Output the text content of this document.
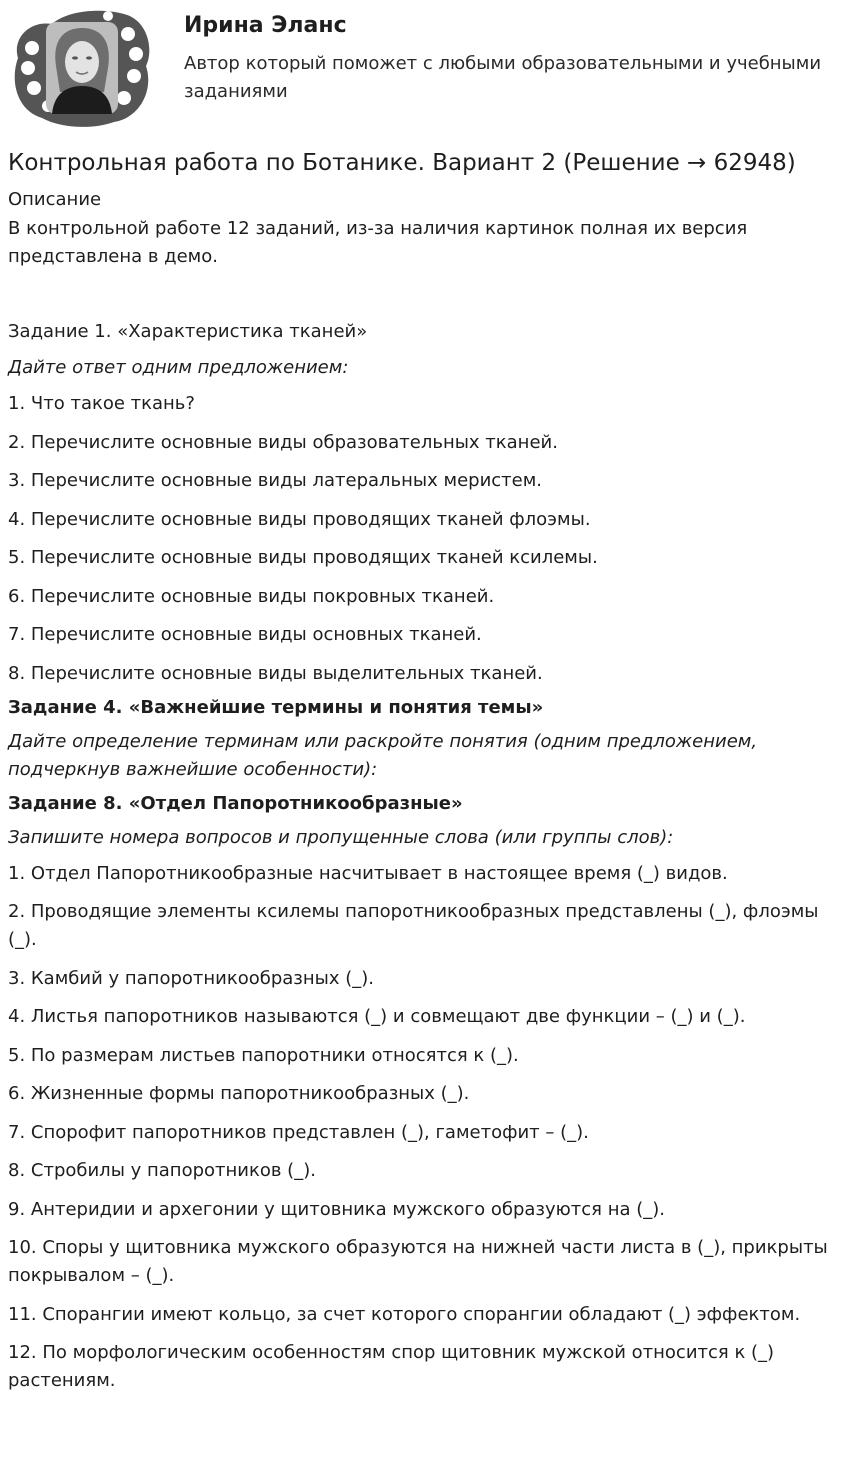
Ирина Эланс
Автор который поможет с любыми образовательными и учебными заданиями
Контрольная работа по Ботанике. Вариант 2 (Решение → 62948)
Описание
В контрольной работе 12 заданий, из-за наличия картинок полная их версия представлена в демо.

Задание 1. «Характеристика тканей»

Дайте ответ одним предложением:

1. Что такое ткань?

2. Перечислите основные виды образовательных тканей.

3. Перечислите основные виды латеральных меристем.

4. Перечислите основные виды проводящих тканей флоэмы.

5. Перечислите основные виды проводящих тканей ксилемы.

6. Перечислите основные виды покровных тканей.

7. Перечислите основные виды основных тканей.

8. Перечислите основные виды выделительных тканей.

Задание 4. «Важнейшие термины и понятия темы»

Дайте определение терминам или раскройте понятия (одним предложением, подчеркнув важнейшие особенности):

Задание 8. «Отдел Папоротникообразные»

Запишите номера вопросов и пропущенные слова (или группы слов):

1. Отдел Папоротникообразные насчитывает в настоящее время (_) видов.

2. Проводящие элементы ксилемы папоротникообразных представлены (_), флоэмы (_).

3. Камбий у папоротникообразных (_).

4. Листья папоротников называются (_) и совмещают две функции – (_) и (_).

5. По размерам листьев папоротники относятся к (_).

6. Жизненные формы папоротникообразных (_).

7. Спорофит папоротников представлен (_), гаметофит – (_).

8. Стробилы у папоротников (_).

9. Антеридии и архегонии у щитовника мужского образуются на (_).

10. Споры у щитовника мужского образуются на нижней части листа в (_), прикрыты покрывалом – (_).

11. Спорангии имеют кольцо, за счет которого спорангии обладают (_) эффектом.

12. По морфологическим особенностям спор щитовник мужской относится к (_) растениям.
